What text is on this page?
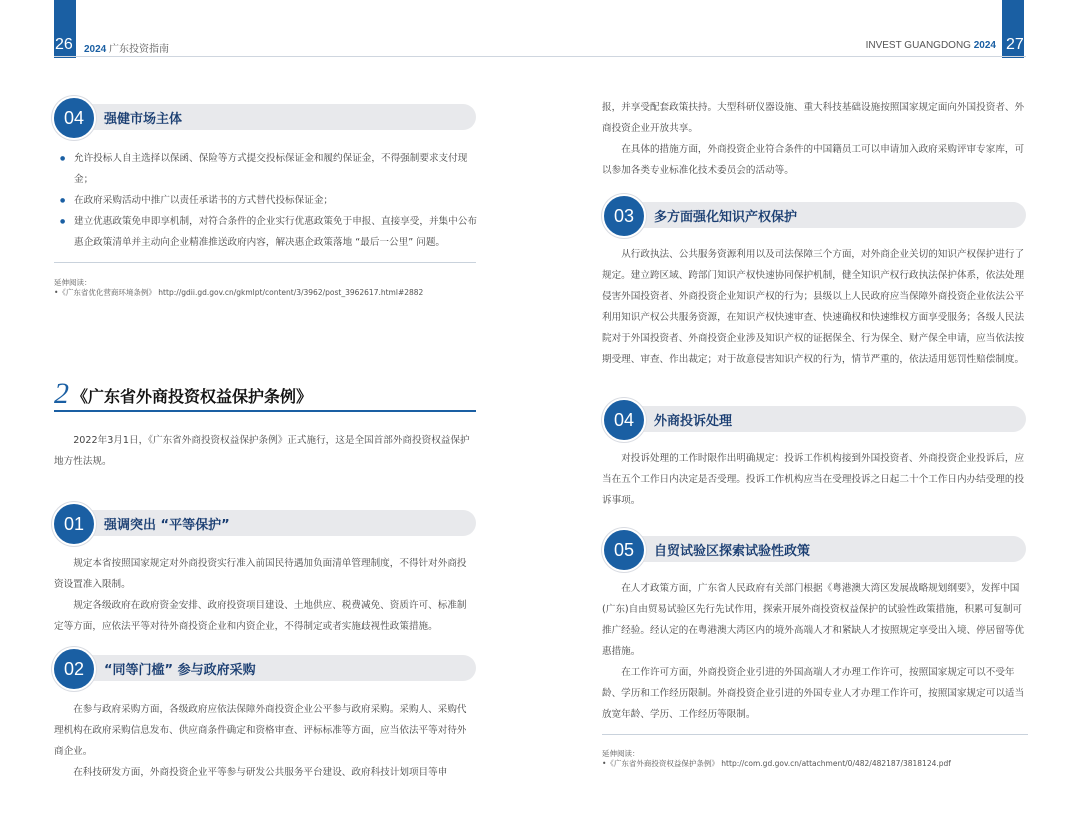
26 2024 广东投资指南
04	强健市场主体
● 允许投标人自主选择以保函、保险等方式提交投标保证金和履约保证金，不得强制要求支付现金；
● 在政府采购活动中推广以责任承诺书的方式替代投标保证金；
● 建立优惠政策免申即享机制，对符合条件的企业实行优惠政策免于申报、直接享受，并集中公布惠企政策清单并主动向企业精准推送政府内容，解决惠企政策落地 “最后一公里” 问题。
延伸阅读：
•《广东省优化营商环境条例》 http://gdii.gd.gov.cn/gkmlpt/content/3/3962/post_3962617.html#2882
2 《广东省外商投资权益保护条例》

2022年3月1日，《广东省外商投资权益保护条例》正式施行，这是全国首部外商投资权益保护地方性法规。

01	强调突出 “平等保护”

规定本省按照国家规定对外商投资实行准入前国民待遇加负面清单管理制度，不得针对外商投资设置准入限制。

规定各级政府在政府资金安排、政府投资项目建设、土地供应、税费减免、资质许可、标准制定等方面，应依法平等对待外商投资企业和内资企业，不得制定或者实施歧视性政策措施。

02	“同等门槛” 参与政府采购

在参与政府采购方面，各级政府应依法保障外商投资企业公平参与政府采购。采购人、采购代理机构在政府采购信息发布、供应商条件确定和资格审查、评标标准等方面，应当依法平等对待外商企业。

在科技研发方面，外商投资企业平等参与研发公共服务平台建设、政府科技计划项目等申

27
INVEST GUANGDONG 2024

报，并享受配套政策扶持。大型科研仪器设施、重大科技基础设施按照国家规定面向外国投资者、外商投资企业开放共享。

在具体的措施方面，外商投资企业符合条件的中国籍员工可以申请加入政府采购评审专家库，可以参加各类专业标准化技术委员会的活动等。

03	多方面强化知识产权保护

从行政执法、公共服务资源利用以及司法保障三个方面，对外商企业关切的知识产权保护进行了规定。建立跨区域、跨部门知识产权快速协同保护机制，健全知识产权行政执法保护体系，依法处理侵害外国投资者、外商投资企业知识产权的行为；县级以上人民政府应当保障外商投资企业依法公平利用知识产权公共服务资源，在知识产权快速审查、快速确权和快速维权方面享受服务；各级人民法院对于外国投资者、外商投资企业涉及知识产权的证据保全、行为保全、财产保全申请，应当依法按期受理、审查、作出裁定；对于故意侵害知识产权的行为，情节严重的，依法适用惩罚性赔偿制度。

04	外商投诉处理

对投诉处理的工作时限作出明确规定：投诉工作机构接到外国投资者、外商投资企业投诉后，应当在五个工作日内决定是否受理。投诉工作机构应当在受理投诉之日起二十个工作日内办结受理的投诉事项。

05	自贸试验区探索试验性政策

在人才政策方面，广东省人民政府有关部门根据《粤港澳大湾区发展战略规划纲要》，发挥中国(广东)自由贸易试验区先行先试作用，探索开展外商投资权益保护的试验性政策措施，积累可复制可推广经验。经认定的在粤港澳大湾区内的境外高端人才和紧缺人才按照规定享受出入境、停居留等优惠措施。

在工作许可方面，外商投资企业引进的外国高端人才办理工作许可，按照国家规定可以不受年龄、学历和工作经历限制。外商投资企业引进的外国专业人才办理工作许可，按照国家规定可以适当放宽年龄、学历、工作经历等限制。

延伸阅读：
•《广东省外商投资权益保护条例》 http://com.gd.gov.cn/attachment/0/482/482187/3818124.pdf
